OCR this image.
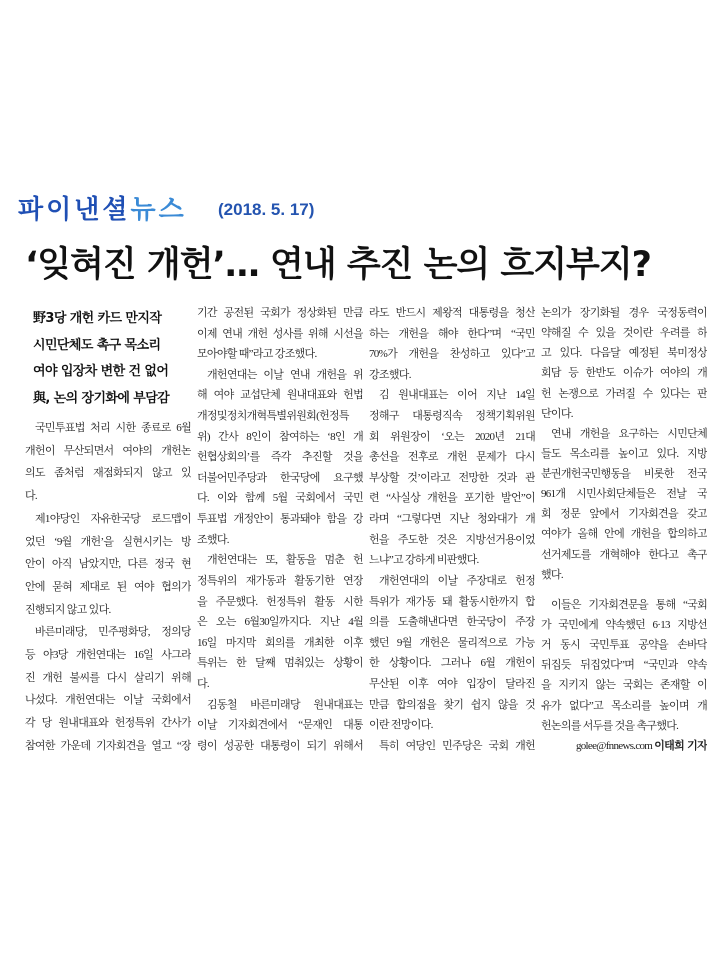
파이낸셜뉴스 (2018. 5. 17)
‘잊혀진 개헌’… 연내 추진 논의 흐지부지?
野3당 개헌 카드 만지작
시민단체도 촉구 목소리
여야 입장차 변한 건 없어
與, 논의 장기화에 부담감
국민투표법 처리 시한 종료로 6월
개헌이 무산되면서 여야의 개헌논
의도 좀처럼 재점화되지 않고 있
다.
제1야당인 자유한국당 로드맵이
었던 ‘9월 개헌’을 실현시키는 방
안이 아직 남았지만, 다른 정국 현
안에 묻혀 제대로 된 여야 협의가
진행되지 않고 있다.
바른미래당, 민주평화당, 정의당
등 야3당 개헌연대는 16일 사그라
진 개헌 불씨를 다시 살리기 위해
나섰다. 개헌연대는 이날 국회에서
각 당 원내대표와 헌정특위 간사가
참여한 가운데 기자회견을 열고 “장
기간 공전된 국회가 정상화된 만큼
이제 연내 개헌 성사를 위해 시선을
모아야할 때”라고 강조했다.
개헌연대는 이날 연내 개헌을 위
해 여야 교섭단체 원내대표와 헌법
개정및정치개혁특별위원회(헌정특
위) 간사 8인이 참여하는 ‘8인 개
헌협상회의’를 즉각 추진할 것을
더불어민주당과 한국당에 요구했
다. 이와 함께 5월 국회에서 국민
투표법 개정안이 통과돼야 함을 강
조했다.
개헌연대는 또, 활동을 멈춘 헌
정특위의 재가동과 활동기한 연장
을 주문했다. 헌정특위 활동 시한
은 오는 6월30일까지다. 지난 4월
16일 마지막 회의를 개최한 이후
특위는 한 달째 멈춰있는 상황이
다.
김동철 바른미래당 원내대표는
이날 기자회견에서 “문재인 대통
령이 성공한 대통령이 되기 위해서
라도 반드시 제왕적 대통령을 청산
하는 개헌을 해야 한다”며 “국민
70%가 개헌을 찬성하고 있다”고
강조했다.
김 원내대표는 이어 지난 14일
정해구 대통령직속 정책기획위원
회 위원장이 ‘오는 2020년 21대
총선을 전후로 개헌 문제가 다시
부상할 것’이라고 전망한 것과 관
련 “사실상 개헌을 포기한 발언”이
라며 “그렇다면 지난 청와대가 개
헌을 주도한 것은 지방선거용이었
느냐”고 강하게 비판했다.
개헌연대의 이날 주장대로 헌정
특위가 재가동 돼 활동시한까지 합
의를 도출해낸다면 한국당이 주장
했던 9월 개헌은 물리적으로 가능
한 상황이다. 그러나 6월 개헌이
무산된 이후 여야 입장이 달라진
만큼 합의점을 찾기 쉽지 않을 것
이란 전망이다.
특히 여당인 민주당은 국회 개헌
논의가 장기화될 경우 국정동력이
약해질 수 있을 것이란 우려를 하
고 있다. 다음달 예정된 북미정상
회담 등 한반도 이슈가 여야의 개
헌 논쟁으로 가려질 수 있다는 판
단이다.
연내 개헌을 요구하는 시민단체
들도 목소리를 높이고 있다. 지방
분권개헌국민행동을 비롯한 전국
961개 시민사회단체들은 전날 국
회 정문 앞에서 기자회견을 갖고
여야가 올해 안에 개헌을 합의하고
선거제도를 개혁해야 한다고 촉구
했다.
이들은 기자회견문을 통해 “국회
가 국민에게 약속했던 6·13 지방선
거 동시 국민투표 공약을 손바닥
뒤집듯 뒤집었다”며 “국민과 약속
을 지키지 않는 국회는 존재할 이
유가 없다”고 목소리를 높이며 개
헌논의를 서두를 것을 촉구했다.
golee@fnnews.com 이태희 기자
